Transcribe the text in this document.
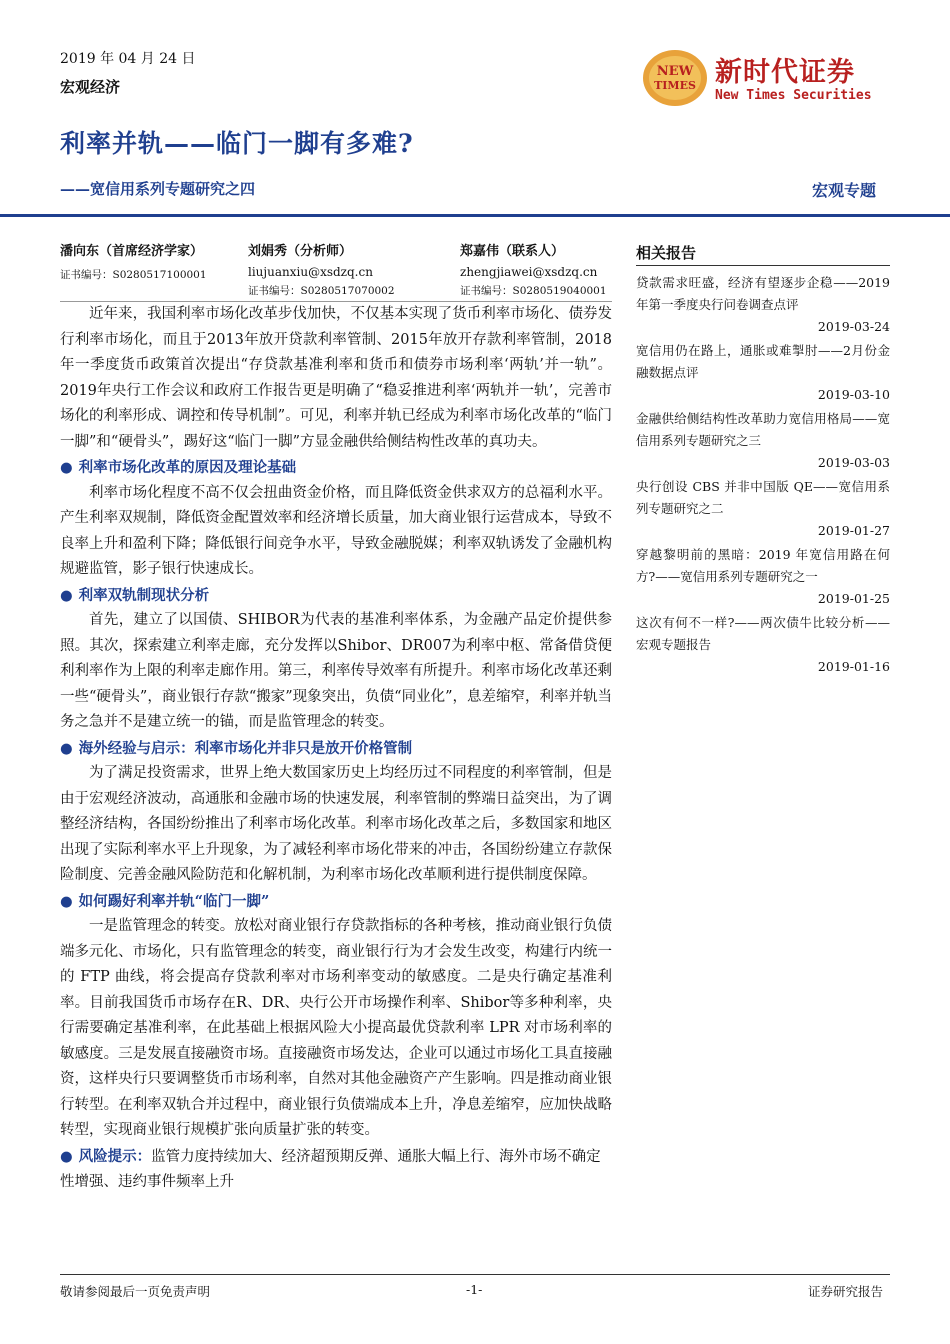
2019 年 04 月 24 日
宏观经济
NEW
TIMES 新时代证券
New Times Securities
利率并轨——临门一脚有多难?
——宽信用系列专题研究之四	宏观专题
潘向东（首席经济学家）
证书编号：S0280517100001
刘娟秀（分析师）
liujuanxiu@xsdzq.cn
证书编号：S0280517070002
郑嘉伟（联系人）
zhengjiawei@xsdzq.cn
证书编号：S0280519040001

近年来，我国利率市场化改革步伐加快，不仅基本实现了货币利率市场化、债券发行利率市场化，而且于2013年放开贷款利率管制、2015年放开存款利率管制，2018年一季度货币政策首次提出“存贷款基准利率和货币和债券市场利率‘两轨’并一轨”。2019年央行工作会议和政府工作报告更是明确了“稳妥推进利率‘两轨并一轨’，完善市场化的利率形成、调控和传导机制”。可见，利率并轨已经成为利率市场化改革的“临门一脚”和“硬骨头”，踢好这“临门一脚”方显金融供给侧结构性改革的真功夫。

● 利率市场化改革的原因及理论基础

利率市场化程度不高不仅会扭曲资金价格，而且降低资金供求双方的总福利水平。产生利率双规制，降低资金配置效率和经济增长质量，加大商业银行运营成本，导致不良率上升和盈利下降；降低银行间竞争水平，导致金融脱媒；利率双轨诱发了金融机构规避监管，影子银行快速成长。

● 利率双轨制现状分析

首先，建立了以国债、SHIBOR为代表的基准利率体系，为金融产品定价提供参照。其次，探索建立利率走廊，充分发挥以Shibor、DR007为利率中枢、常备借贷便利利率作为上限的利率走廊作用。第三，利率传导效率有所提升。利率市场化改革还剩一些“硬骨头”，商业银行存款“搬家”现象突出，负债“同业化”，息差缩窄，利率并轨当务之急并不是建立统一的锚，而是监管理念的转变。

● 海外经验与启示：利率市场化并非只是放开价格管制

为了满足投资需求，世界上绝大数国家历史上均经历过不同程度的利率管制，但是由于宏观经济波动，高通胀和金融市场的快速发展，利率管制的弊端日益突出，为了调整经济结构，各国纷纷推出了利率市场化改革。利率市场化改革之后，多数国家和地区出现了实际利率水平上升现象，为了减轻利率市场化带来的冲击，各国纷纷建立存款保险制度、完善金融风险防范和化解机制，为利率市场化改革顺利进行提供制度保障。

● 如何踢好利率并轨“临门一脚”

一是监管理念的转变。放松对商业银行存贷款指标的各种考核，推动商业银行负债端多元化、市场化，只有监管理念的转变，商业银行行为才会发生改变，构建行内统一的 FTP 曲线，将会提高存贷款利率对市场利率变动的敏感度。二是央行确定基准利率。目前我国货币市场存在R、DR、央行公开市场操作利率、Shibor等多种利率，央行需要确定基准利率，在此基础上根据风险大小提高最优贷款利率 LPR 对市场利率的敏感度。三是发展直接融资市场。直接融资市场发达，企业可以通过市场化工具直接融资，这样央行只要调整货币市场利率，自然对其他金融资产产生影响。四是推动商业银行转型。在利率双轨合并过程中，商业银行负债端成本上升，净息差缩窄，应加快战略转型，实现商业银行规模扩张向质量扩张的转变。

● 风险提示：监管力度持续加大、经济超预期反弹、通胀大幅上行、海外市场不确定性增强、违约事件频率上升

相关报告
贷款需求旺盛，经济有望逐步企稳——2019年第一季度央行问卷调查点评
2019-03-24
宽信用仍在路上，通胀或难掣肘——2月份金融数据点评
2019-03-10
金融供给侧结构性改革助力宽信用格局——宽信用系列专题研究之三
2019-03-03
央行创设 CBS 并非中国版 QE——宽信用系列专题研究之二
2019-01-27
穿越黎明前的黑暗：2019 年宽信用路在何方?——宽信用系列专题研究之一
2019-01-25
这次有何不一样?——两次债牛比较分析——宏观专题报告
2019-01-16
敬请参阅最后一页免责声明	-1-	证券研究报告
